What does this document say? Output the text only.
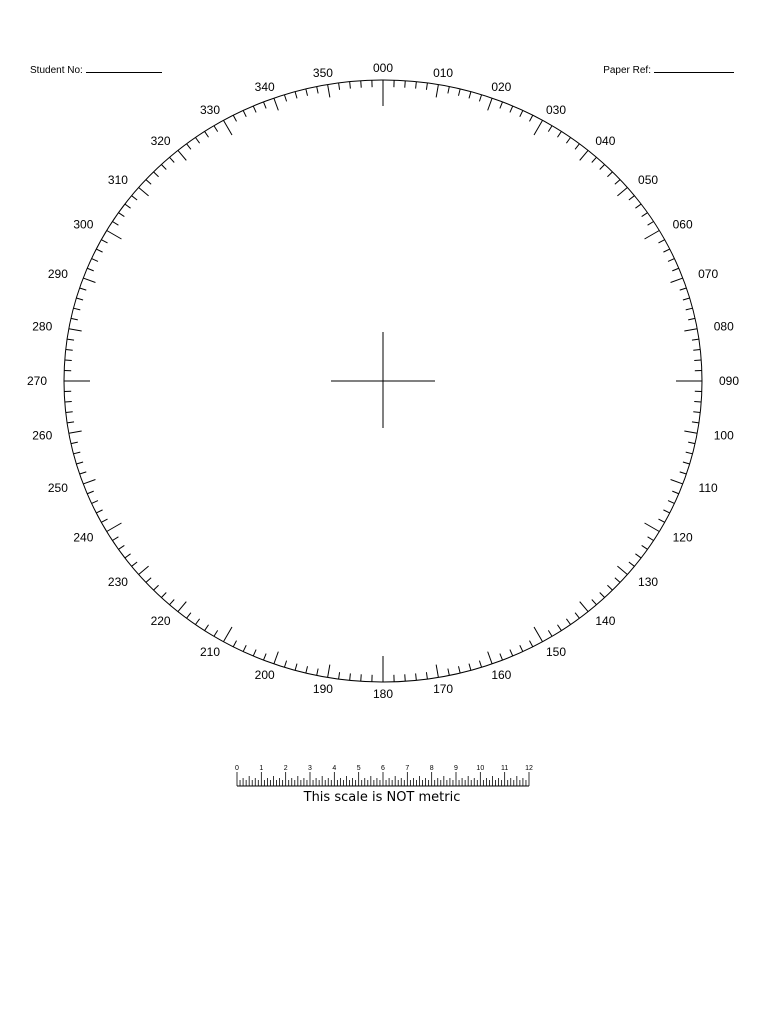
Student No:	Paper Ref:
000	010
020
030
040
050
060
070
080
090
100
110
120
130
140
150
160
170
180
190
200
210
220
230
240
250
260
270
280
290
300
310
320
330
340
350
0	1	2	3	4	5	6	7	8	9	10 11 12
This scale is NOT metric
